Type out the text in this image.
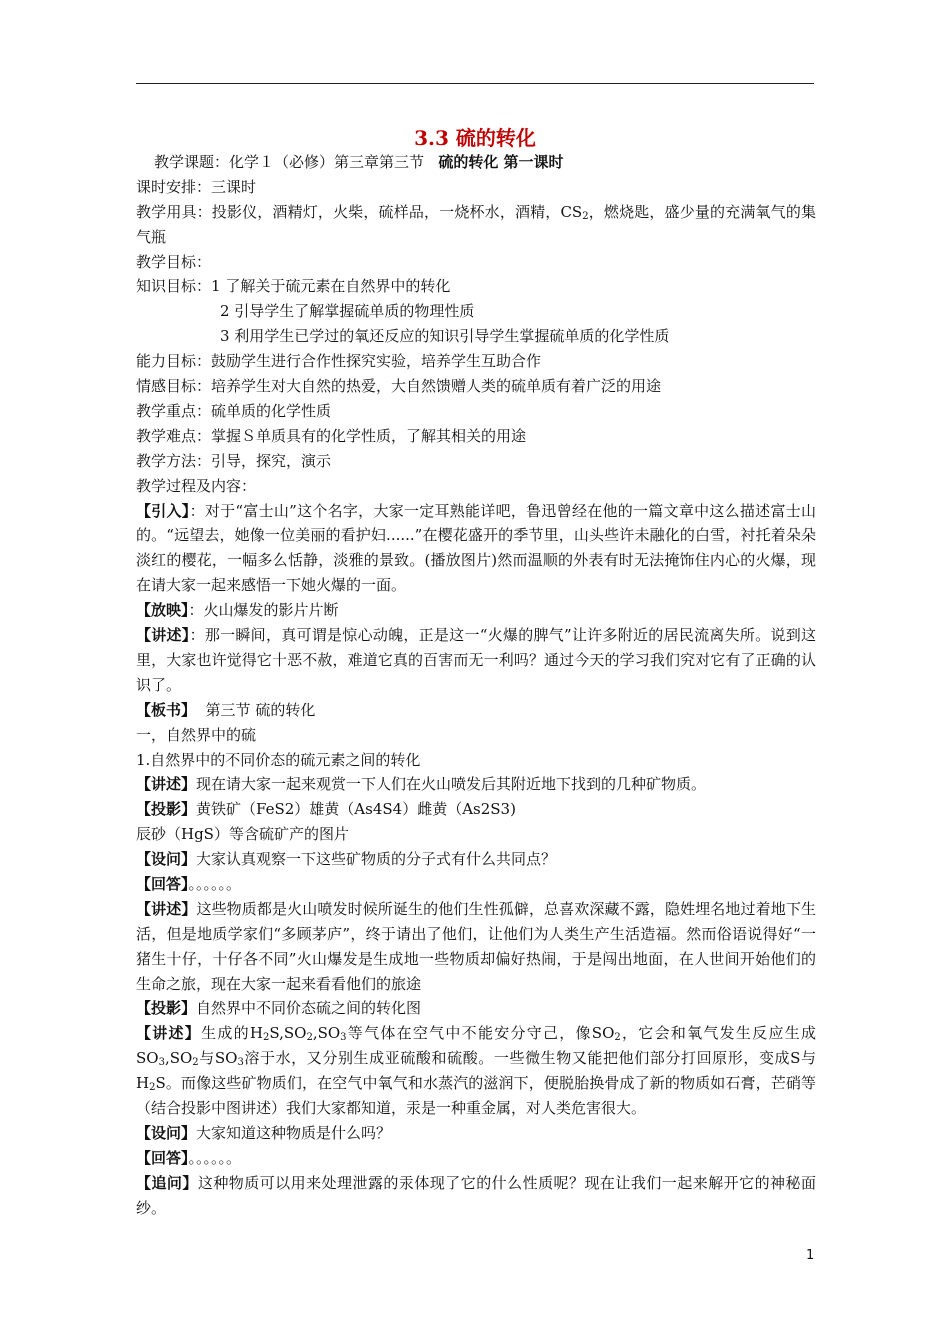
3.3 硫的转化
教学课题：化学１（必修）第三章第三节 硫的转化 第一课时
课时安排：三课时
教学用具：投影仪，酒精灯，火柴，硫样品，一烧杯水，酒精，$CS_2$，燃烧匙，盛少量的充满氧气的集气瓶
教学目标：
知识目标：1 了解关于硫元素在自然界中的转化
2 引导学生了解掌握硫单质的物理性质
3 利用学生已学过的氧还反应的知识引导学生掌握硫单质的化学性质
能力目标：鼓励学生进行合作性探究实验，培养学生互助合作
情感目标：培养学生对大自然的热爱，大自然馈赠人类的硫单质有着广泛的用途
教学重点：硫单质的化学性质
教学难点：掌握Ｓ单质具有的化学性质，了解其相关的用途
教学方法：引导，探究，演示
教学过程及内容：
【引入】：对于“富士山”这个名字，大家一定耳熟能详吧，鲁迅曾经在他的一篇文章中这么描述富士山的。“远望去，她像一位美丽的看护妇......”在樱花盛开的季节里，山头些许未融化的白雪，衬托着朵朵淡红的樱花，一幅多么恬静，淡雅的景致。(播放图片)然而温顺的外表有时无法掩饰住内心的火爆，现在请大家一起来感悟一下她火爆的一面。
【放映】：火山爆发的影片片断
【讲述】：那一瞬间，真可谓是惊心动魄，正是这一“火爆的脾气”让许多附近的居民流离失所。说到这里，大家也许觉得它十恶不赦，难道它真的百害而无一利吗？通过今天的学习我们究对它有了正确的认识了。
【板书】  第三节 硫的转化
一，自然界中的硫
1.自然界中的不同价态的硫元素之间的转化
【讲述】现在请大家一起来观赏一下人们在火山喷发后其附近地下找到的几种矿物质。
【投影】黄铁矿（FeS2）雄黄（As4S4）雌黄（As2S3)
辰砂（HgS）等含硫矿产的图片
【设问】大家认真观察一下这些矿物质的分子式有什么共同点？
【回答】。。。。。。
【讲述】这些物质都是火山喷发时候所诞生的他们生性孤僻，总喜欢深藏不露，隐姓埋名地过着地下生活，但是地质学家们“多顾茅庐”，终于请出了他们，让他们为人类生产生活造福。然而俗语说得好“一猪生十仔，十仔各不同”火山爆发是生成地一些物质却偏好热闹，于是闯出地面，在人世间开始他们的生命之旅，现在大家一起来看看他们的旅途
【投影】自然界中不同价态硫之间的转化图
【讲述】生成的$H_2S,SO_2,SO_3$等气体在空气中不能安分守己，像$SO_2$，它会和氧气发生反应生成$SO_3,SO_2$与$SO_3$溶于水，又分别生成亚硫酸和硫酸。一些微生物又能把他们部分打回原形，变成S与$H_2S$。而像这些矿物质们，在空气中氧气和水蒸汽的滋润下，便脱胎换骨成了新的物质如石膏，芒硝等（结合投影中图讲述）我们大家都知道，汞是一种重金属，对人类危害很大。
【设问】大家知道这种物质是什么吗？
【回答】。。。。。。
【追问】这种物质可以用来处理泄露的汞体现了它的什么性质呢？现在让我们一起来解开它的神秘面纱。
1
